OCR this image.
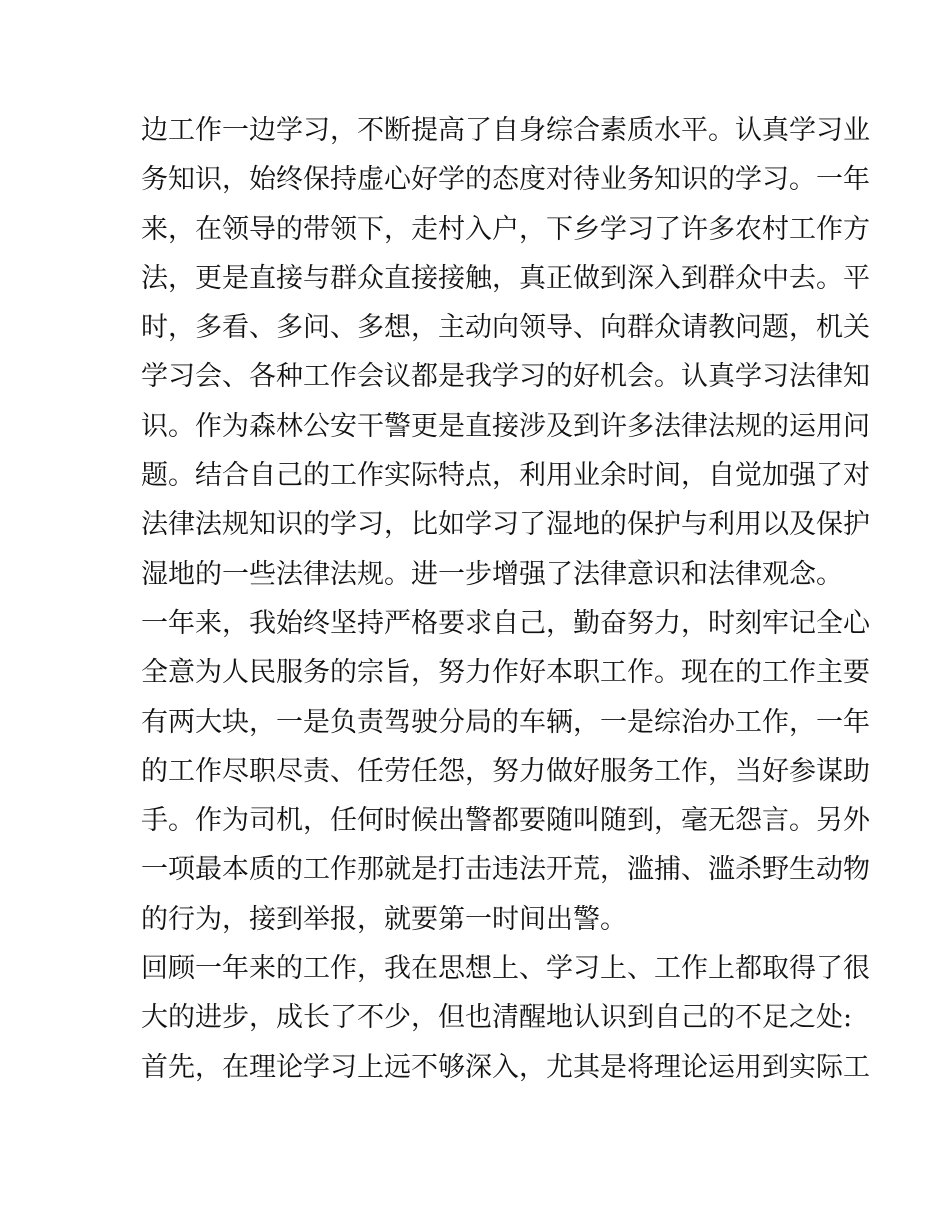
边工作一边学习，不断提高了自身综合素质水平。认真学习业
务知识，始终保持虚心好学的态度对待业务知识的学习。一年
来，在领导的带领下，走村入户，下乡学习了许多农村工作方
法，更是直接与群众直接接触，真正做到深入到群众中去。平
时，多看、多问、多想，主动向领导、向群众请教问题，机关
学习会、各种工作会议都是我学习的好机会。认真学习法律知
识。作为森林公安干警更是直接涉及到许多法律法规的运用问
题。结合自己的工作实际特点，利用业余时间，自觉加强了对
法律法规知识的学习，比如学习了湿地的保护与利用以及保护
湿地的一些法律法规。进一步增强了法律意识和法律观念。
一年来，我始终坚持严格要求自己，勤奋努力，时刻牢记全心
全意为人民服务的宗旨，努力作好本职工作。现在的工作主要
有两大块，一是负责驾驶分局的车辆，一是综治办工作，一年
的工作尽职尽责、任劳任怨，努力做好服务工作，当好参谋助
手。作为司机，任何时候出警都要随叫随到，毫无怨言。另外
一项最本质的工作那就是打击违法开荒，滥捕、滥杀野生动物
的行为，接到举报，就要第一时间出警。
回顾一年来的工作，我在思想上、学习上、工作上都取得了很
大的进步，成长了不少，但也清醒地认识到自己的不足之处:
首先，在理论学习上远不够深入，尤其是将理论运用到实际工
